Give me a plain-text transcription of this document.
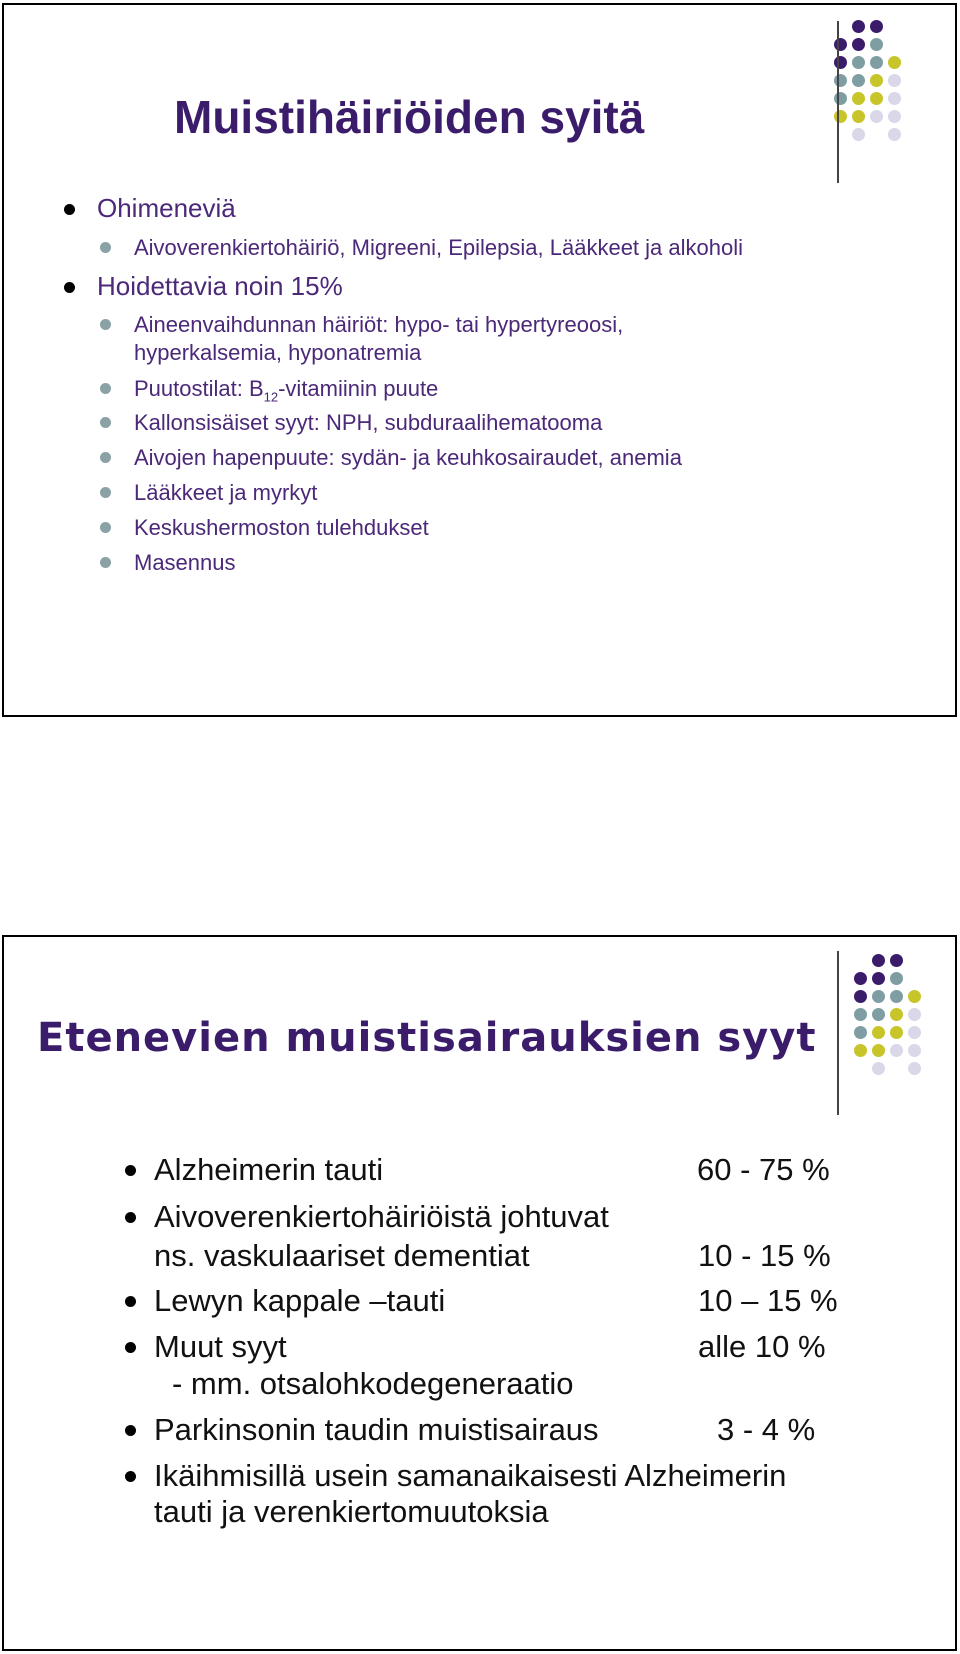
Muistihäiriöiden syitä
Ohimeneviä
Aivoverenkiertohäiriö, Migreeni, Epilepsia, Lääkkeet ja alkoholi
Hoidettavia noin 15%
Aineenvaihdunnan häiriöt: hypo- tai hypertyreoosi,
hyperkalsemia, hyponatremia
Puutostilat: $B_{12}$-vitamiinin puute
Kallonsisäiset syyt: NPH, subduraalihematooma
Aivojen hapenpuute: sydän- ja keuhkosairaudet, anemia
Lääkkeet ja myrkyt
Keskushermoston tulehdukset
Masennus
Etenevien muistisairauksien syyt
Alzheimerin tauti	60 - 75 %
Aivoverenkiertohäiriöistä johtuvat
ns. vaskulaariset dementiat	10 - 15 %
Lewyn kappale –tauti	10 – 15 %
Muut syyt	alle 10 %
- mm. otsalohkodegeneraatio
Parkinsonin taudin muistisairaus	3 - 4 %
Ikäihmisillä usein samanaikaisesti Alzheimerin
tauti ja verenkiertomuutoksia
